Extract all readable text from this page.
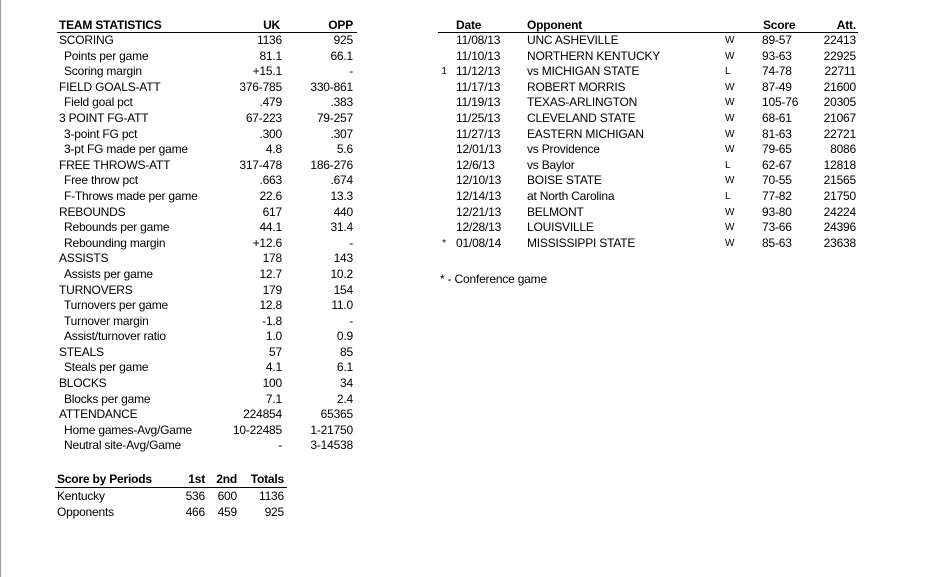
TEAM STATISTICS	UK	OPP
SCORING	1136	925
Points per game	81.1	66.1
Scoring margin	+15.1	-
FIELD GOALS-ATT	376-785 330-861
Field goal pct	.479	.383
3 POINT FG-ATT	67-223	79-257
3-point FG pct	.300	.307
3-pt FG made per game	4.8	5.6
FREE THROWS-ATT	317-478 186-276
Free throw pct	.663	.674
F-Throws made per game	22.6	13.3
REBOUNDS	617	440
Rebounds per game	44.1	31.4
Rebounding margin	+12.6	-
ASSISTS	178	143
Assists per game	12.7	10.2
TURNOVERS	179	154
Turnovers per game	12.8	11.0
Turnover margin	-1.8	-
Assist/turnover ratio	1.0	0.9
STEALS	57	85
Steals per game	4.1	6.1
BLOCKS	100	34
Blocks per game	7.1	2.4
ATTENDANCE	224854	65365
Home games-Avg/Game	10-22485 1-21750
Neutral site-Avg/Game	- 3-14538
Score by Periods	1st 2nd Totals
Kentucky	536 600 1136
Opponents	466 459 925
Date	Opponent	Score	Att.
11/08/13 UNC ASHEVILLE	W 89-57	22413
11/10/13 NORTHERN KENTUCKY	W 93-63	22925
1 11/12/13 vs MICHIGAN STATE	L	74-78	22711
11/17/13 ROBERT MORRIS	W 87-49	21600
11/19/13 TEXAS-ARLINGTON	W 105-76 20305
11/25/13 CLEVELAND STATE	W 68-61	21067
11/27/13 EASTERN MICHIGAN	W 81-63	22721
12/01/13 vs Providence	W 79-65	8086
12/6/13	vs Baylor	L	62-67	12818
12/10/13 BOISE STATE	W 70-55	21565
12/14/13 at North Carolina	L	77-82	21750
12/21/13 BELMONT	W 93-80	24224
12/28/13 LOUISVILLE	W 73-66	24396
* 01/08/14 MISSISSIPPI STATE	W 85-63	23638
* - Conference game
